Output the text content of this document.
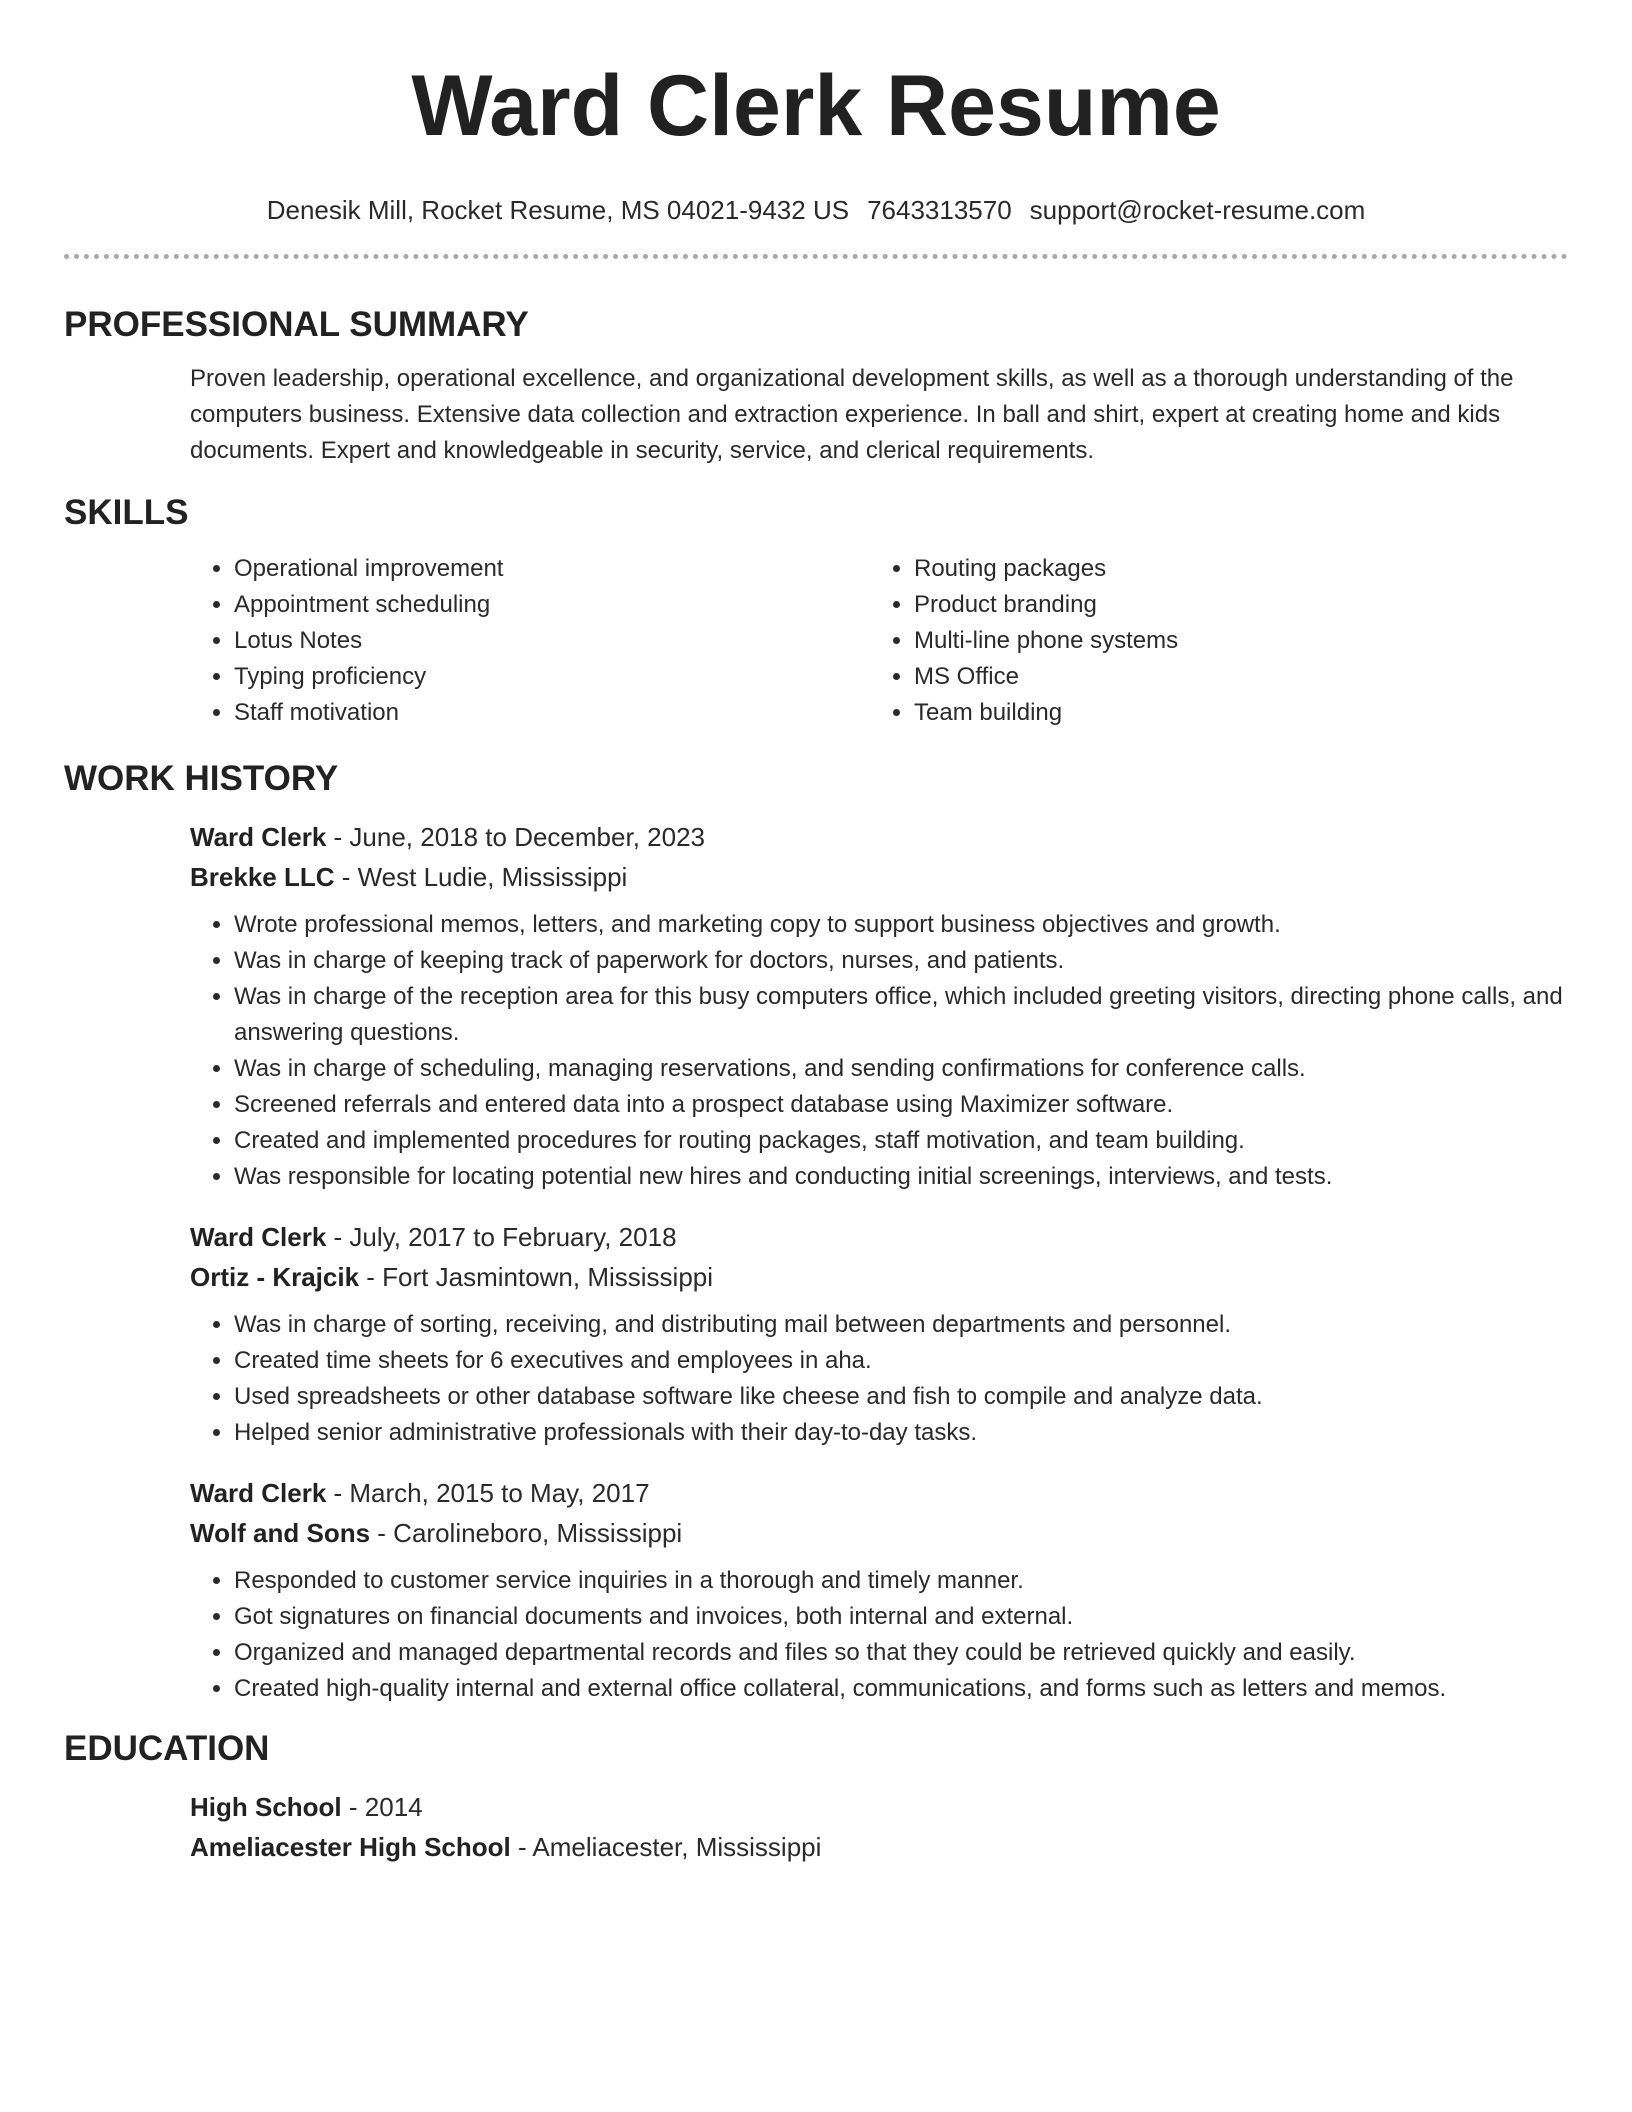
Ward Clerk Resume
Denesik Mill, Rocket Resume, MS 04021-9432 US 7643313570 support@rocket-resume.com
PROFESSIONAL SUMMARY
Proven leadership, operational excellence, and organizational development skills, as well as a thorough understanding of the computers business. Extensive data collection and extraction experience. In ball and shirt, expert at creating home and kids documents. Expert and knowledgeable in security, service, and clerical requirements.
SKILLS
• Operational improvement
• Appointment scheduling
• Lotus Notes
• Typing proficiency
• Staff motivation
• Routing packages
• Product branding
• Multi-line phone systems
• MS Office
• Team building
WORK HISTORY
Ward Clerk - June, 2018 to December, 2023
Brekke LLC - West Ludie, Mississippi
• Wrote professional memos, letters, and marketing copy to support business objectives and growth.
• Was in charge of keeping track of paperwork for doctors, nurses, and patients.
• Was in charge of the reception area for this busy computers office, which included greeting visitors, directing phone calls, and answering questions.
• Was in charge of scheduling, managing reservations, and sending confirmations for conference calls.
• Screened referrals and entered data into a prospect database using Maximizer software.
• Created and implemented procedures for routing packages, staff motivation, and team building.
• Was responsible for locating potential new hires and conducting initial screenings, interviews, and tests.
Ward Clerk - July, 2017 to February, 2018
Ortiz - Krajcik - Fort Jasmintown, Mississippi
• Was in charge of sorting, receiving, and distributing mail between departments and personnel.
• Created time sheets for 6 executives and employees in aha.
• Used spreadsheets or other database software like cheese and fish to compile and analyze data.
• Helped senior administrative professionals with their day-to-day tasks.
Ward Clerk - March, 2015 to May, 2017
Wolf and Sons - Carolineboro, Mississippi
• Responded to customer service inquiries in a thorough and timely manner.
• Got signatures on financial documents and invoices, both internal and external.
• Organized and managed departmental records and files so that they could be retrieved quickly and easily.
• Created high-quality internal and external office collateral, communications, and forms such as letters and memos.
EDUCATION
High School - 2014
Ameliacester High School - Ameliacester, Mississippi
